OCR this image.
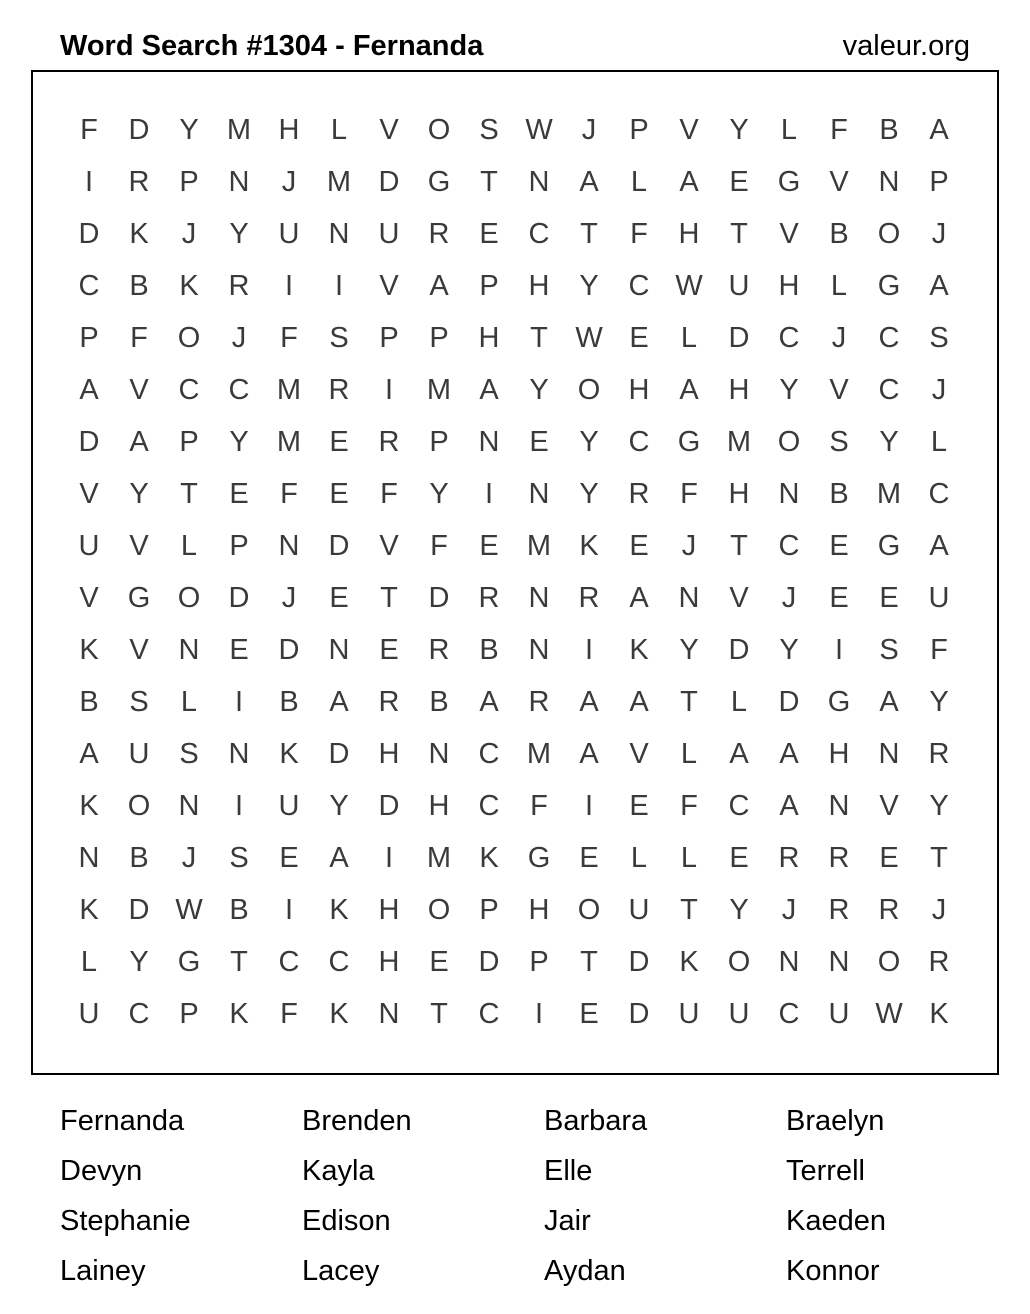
Word Search #1304 - Fernanda	valeur.org
F	D	Y M H	L	V	O	S W	J	P	V	Y	L	F	B	A
I	R	P	N	J	M D G	T	N	A	L	A	E	G	V	N	P
D	K	J	Y	U	N	U	R	E	C	T	F	H	T	V	B	O	J
C	B	K	R	I	I	V	A	P	H	Y	C W U	H	L	G	A
P	F	O	J	F	S	P	P	H	T W E	L	D	C	J	C	S
A	V	C	C M R	I	M A	Y	O H	A	H	Y	V	C	J
D	A	P	Y M E	R	P	N	E	Y	C G M O	S	Y	L
V	Y	T	E	F	E	F	Y	I	N	Y	R	F	H	N	B M C
U	V	L	P	N	D	V	F	E M K	E	J	T	C	E	G	A
V	G O D	J	E	T	D	R	N	R	A	N	V	J	E	E	U
K	V	N	E	D	N	E	R	B	N	I	K	Y	D	Y	I	S	F
B	S	L	I	B	A	R	B	A	R	A	A	T	L	D G	A	Y
A	U	S	N	K	D	H	N	C M A	V	L	A	A	H	N	R
K	O N	I	U	Y	D	H	C	F	I	E	F	C	A	N	V	Y
N	B	J	S	E	A	I	M K	G	E	L	L	E	R	R	E	T
K	D W B	I	K	H O	P	H O U	T	Y	J	R	R	J
L	Y	G	T	C	C	H	E	D	P	T	D	K	O N	N O R
U	C	P	K	F	K	N	T	C	I	E	D	U	U	C	U W K
Fernanda	Brenden	Barbara	Braelyn
Devyn	Kayla	Elle	Terrell
Stephanie	Edison	Jair	Kaeden
Lainey	Lacey	Aydan	Konnor
